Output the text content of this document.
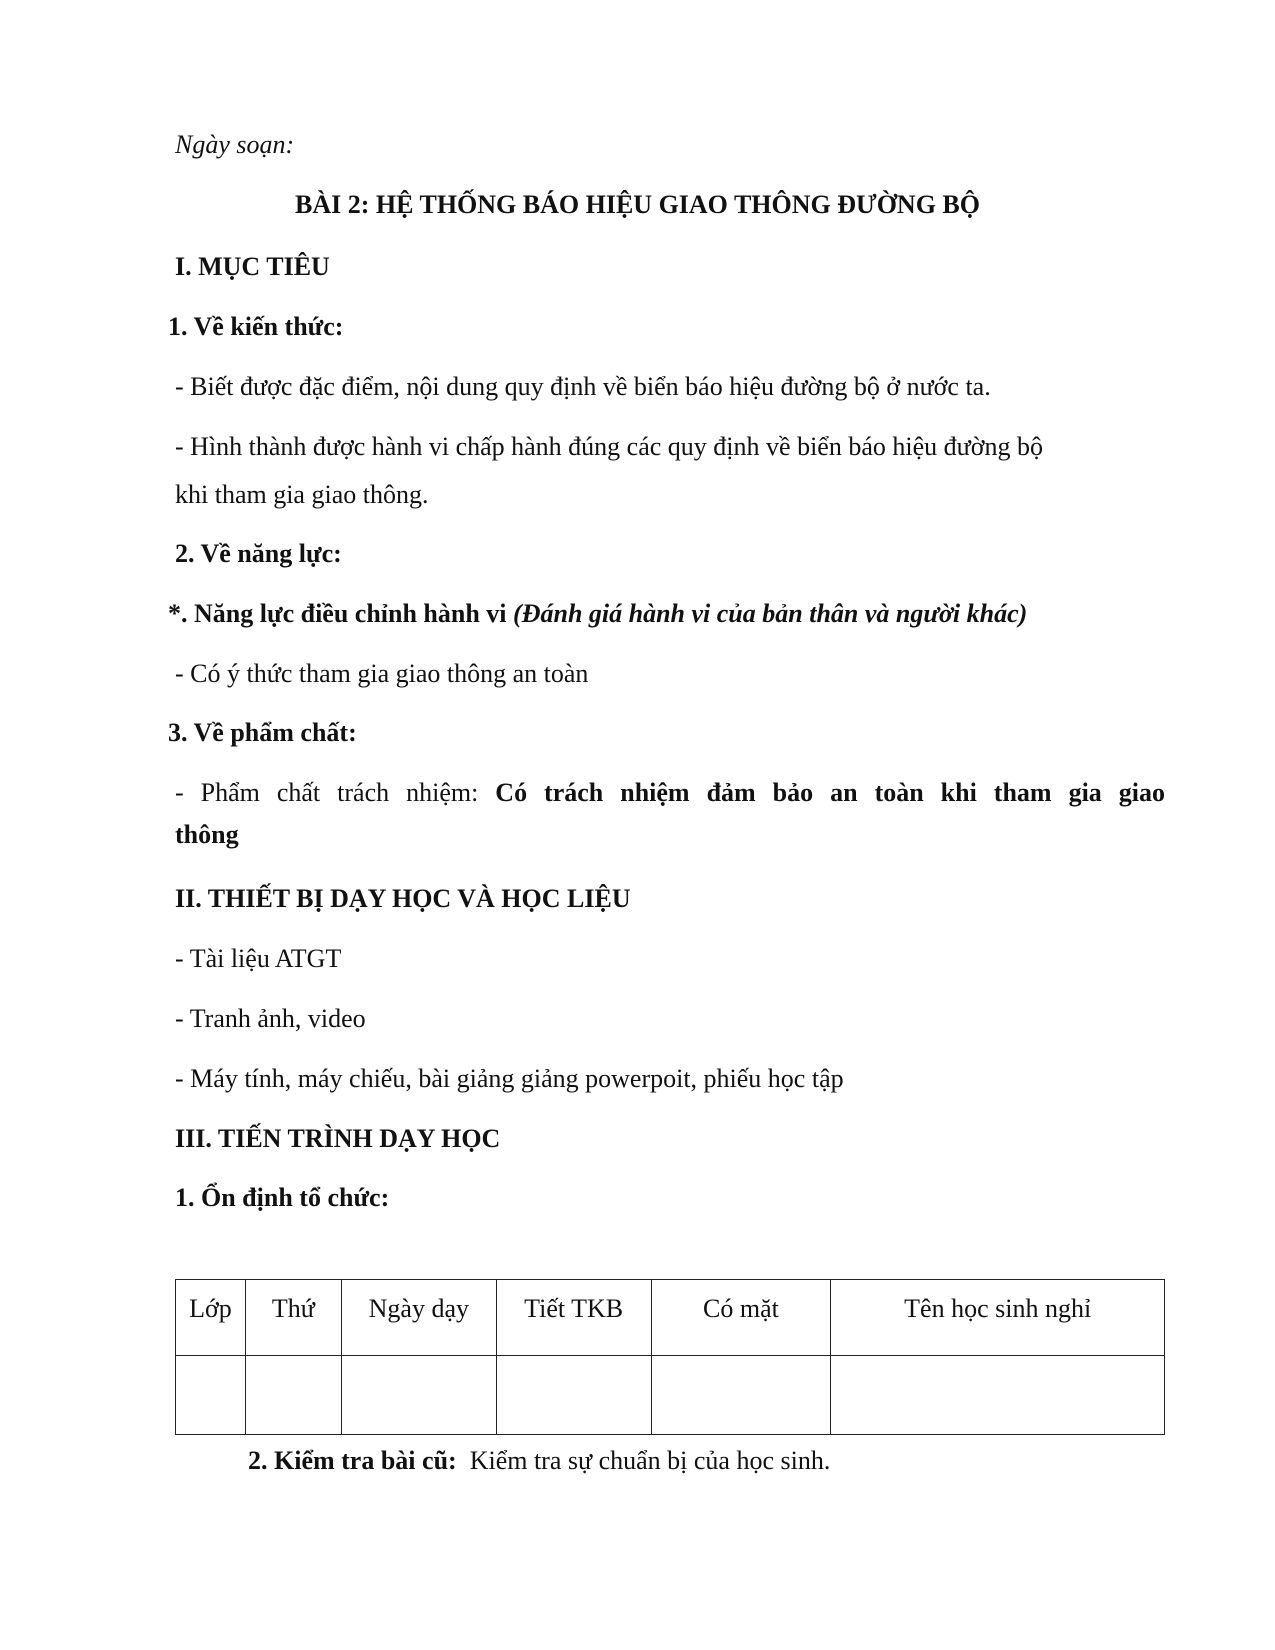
Ngày soạn:

BÀI 2: HỆ THỐNG BÁO HIỆU GIAO THÔNG ĐƯỜNG BỘ

I. MỤC TIÊU

1. Về kiến thức:

- Biết được đặc điểm, nội dung quy định về biển báo hiệu đường bộ ở nước ta.

- Hình thành được hành vi chấp hành đúng các quy định về biển báo hiệu đường bộ

khi tham gia giao thông.

2. Về năng lực:

*. Năng lực điều chỉnh hành vi (Đánh giá hành vi của bản thân và người khác)

- Có ý thức tham gia giao thông an toàn

3. Về phẩm chất:

- Phẩm chất trách nhiệm: Có trách nhiệm đảm bảo an toàn khi tham gia giao

thông

II. THIẾT BỊ DẠY HỌC VÀ HỌC LIỆU

- Tài liệu ATGT

- Tranh ảnh, video

- Máy tính, máy chiếu, bài giảng giảng powerpoit, phiếu học tập

III. TIẾN TRÌNH DẠY HỌC

1. Ổn định tổ chức:

Lớp	Thứ	Ngày dạy	Tiết TKB	Có mặt	Tên học sinh nghỉ

2. Kiểm tra bài cũ:  Kiểm tra sự chuẩn bị của học sinh.
